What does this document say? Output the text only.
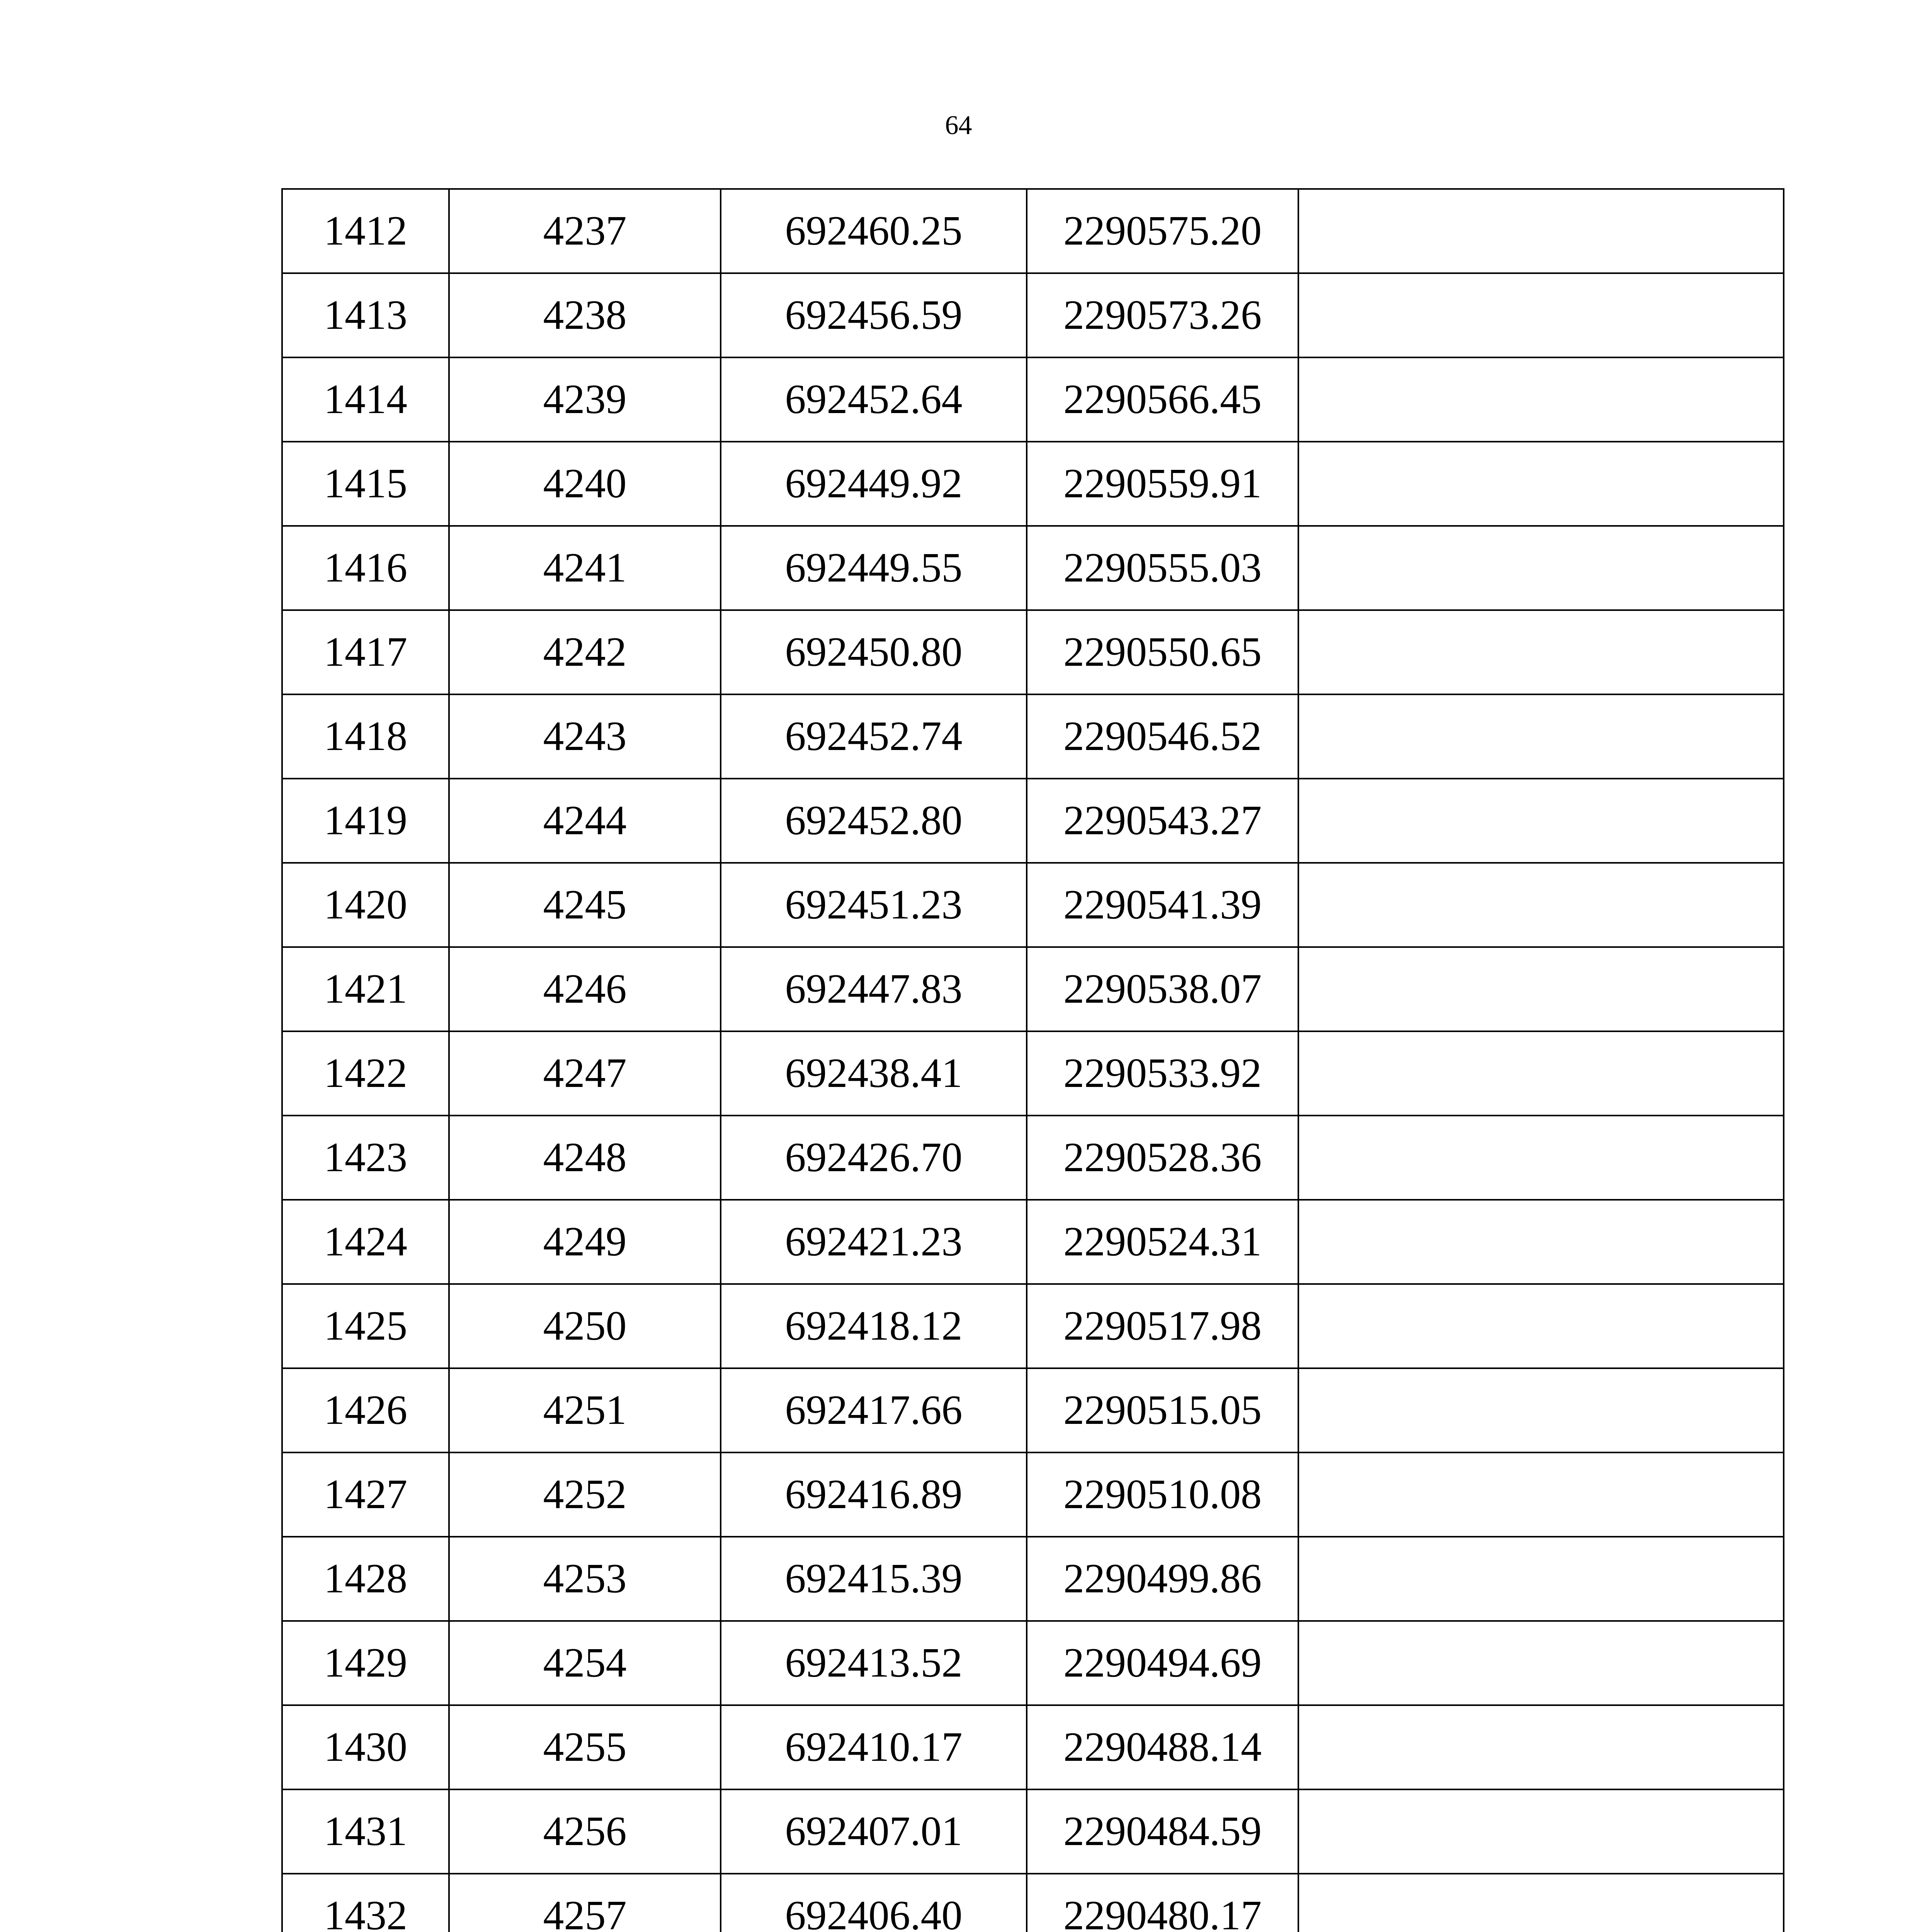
64
1412	4237	692460.25	2290575.20	
1413	4238	692456.59	2290573.26	
1414	4239	692452.64	2290566.45	
1415	4240	692449.92	2290559.91	
1416	4241	692449.55	2290555.03	
1417	4242	692450.80	2290550.65	
1418	4243	692452.74	2290546.52	
1419	4244	692452.80	2290543.27	
1420	4245	692451.23	2290541.39	
1421	4246	692447.83	2290538.07	
1422	4247	692438.41	2290533.92	
1423	4248	692426.70	2290528.36	
1424	4249	692421.23	2290524.31	
1425	4250	692418.12	2290517.98	
1426	4251	692417.66	2290515.05	
1427	4252	692416.89	2290510.08	
1428	4253	692415.39	2290499.86	
1429	4254	692413.52	2290494.69	
1430	4255	692410.17	2290488.14	
1431	4256	692407.01	2290484.59	
1432	4257	692406.40	2290480.17	
